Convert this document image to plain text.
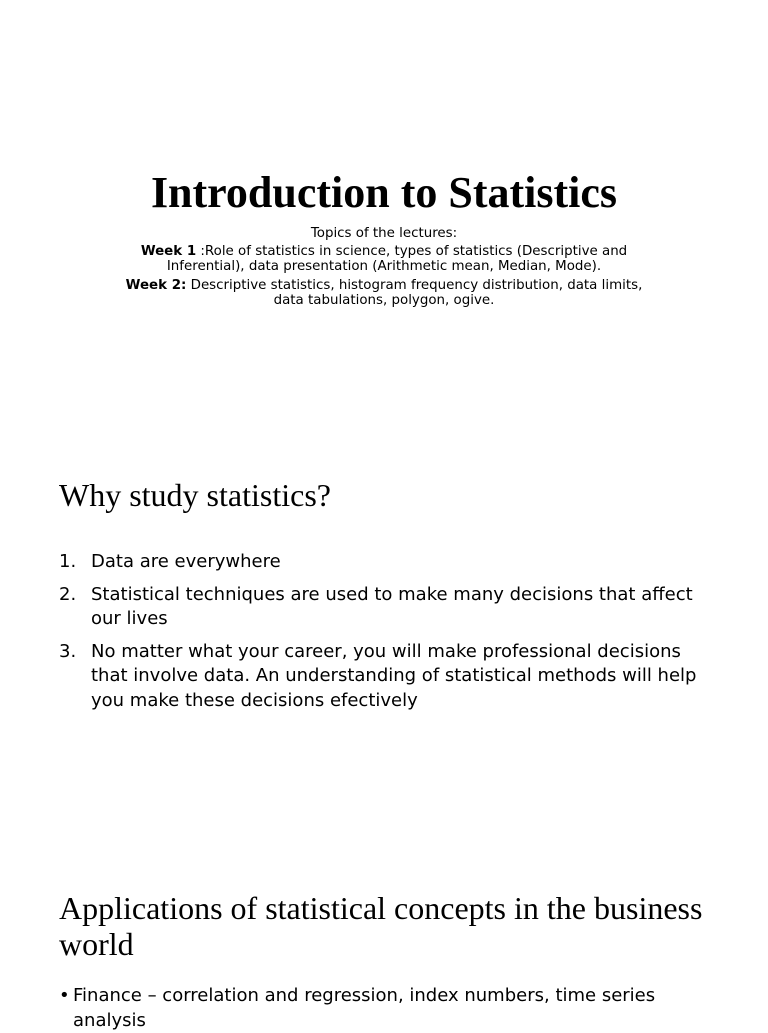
Introduction to Statistics

Topics of the lectures:

Week 1 :Role of statistics in science, types of statistics (Descriptive and Inferential), data presentation (Arithmetic mean, Median, Mode).

Week 2: Descriptive statistics, histogram frequency distribution, data limits, data tabulations, polygon, ogive.

Why study statistics?
1. Data are everywhere
2. Statistical techniques are used to make many decisions that affect our lives
3. No matter what your career, you will make professional decisions that involve data. An understanding of statistical methods will help you make these decisions efectively
Applications of statistical concepts in the business world
• Finance – correlation and regression, index numbers, time series analysis
